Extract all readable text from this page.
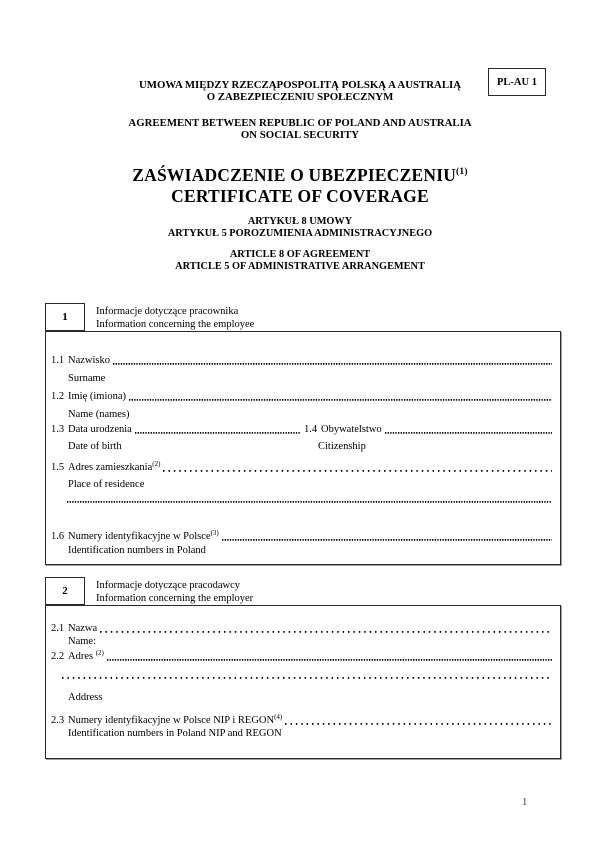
PL-AU 1
UMOWA MIĘDZY RZECZĄPOSPOLITĄ POLSKĄ A AUSTRALIĄ
O ZABEZPIECZENIU SPOŁECZNYM
AGREEMENT BETWEEN REPUBLIC OF POLAND AND AUSTRALIA
ON SOCIAL SECURITY
ZAŚWIADCZENIE O UBEZPIECZENIU$^{(1)}$
CERTIFICATE OF COVERAGE
ARTYKUŁ 8 UMOWY
ARTYKUŁ 5 POROZUMIENIA ADMINISTRACYJNEGO
ARTICLE 8 OF AGREEMENT
ARTICLE 5 OF ADMINISTRATIVE ARRANGEMENT
1	Informacje dotyczące pracownika
Information concerning the employee
1.1 Nazwisko
Surname
1.2 Imię (imiona)
Name (names)
1.3 Data urodzenia	1.4 Obywatelstwo
Date of birth	Citizenship
1.5 Adres zamieszkania$^{(2)}$
Place of residence
1.6 Numery identyfikacyjne w Polsce$^{(3)}$
Identification numbers in Poland
2	Informacje dotyczące pracodawcy
Information concerning the employer
2.1 Nazwa
Name:
2.2 Adres $^{(2)}$
Address
2.3 Numery identyfikacyjne w Polsce NIP i REGON$^{(4)}$
Identification numbers in Poland NIP and REGON
1
